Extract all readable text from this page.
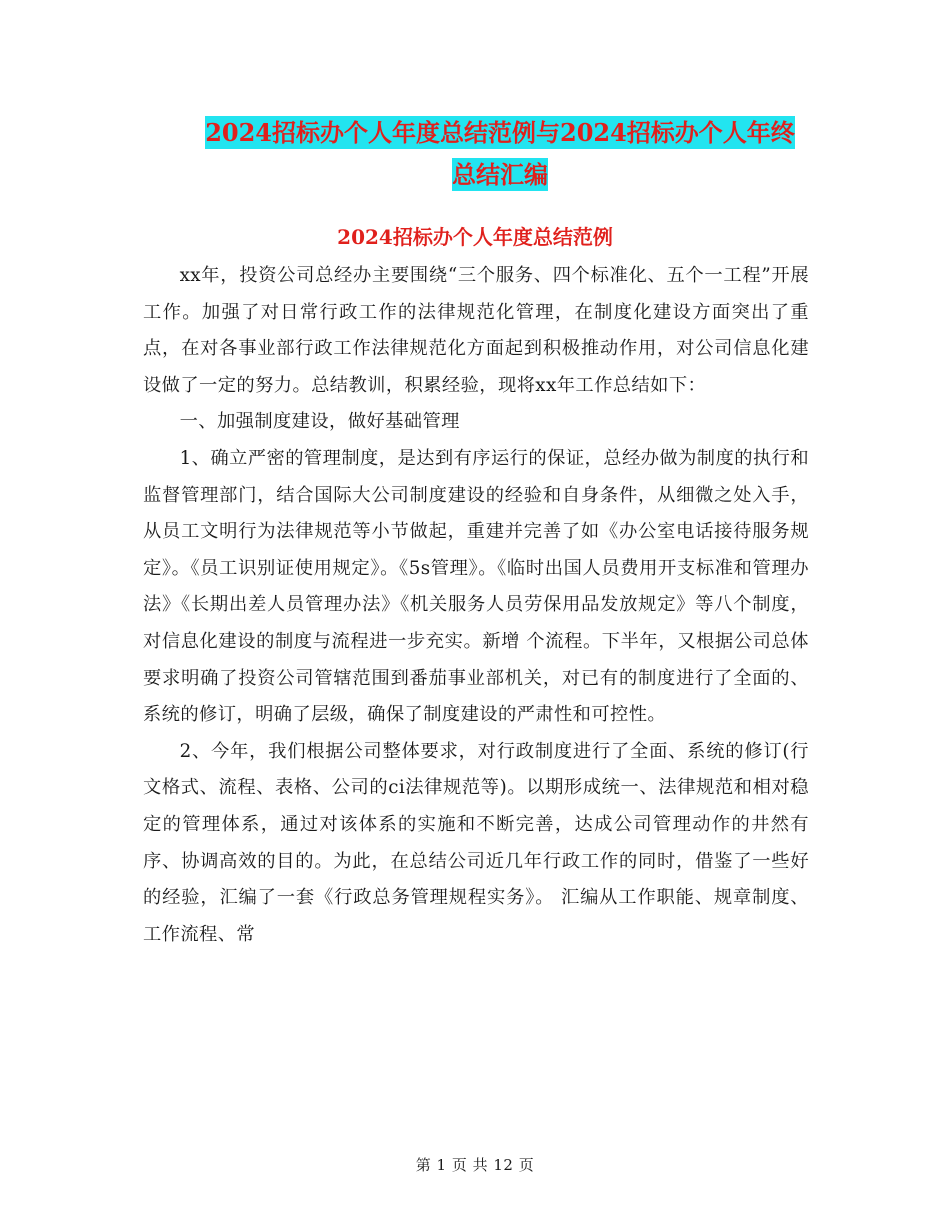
2024招标办个人年度总结范例与2024招标办个人年终
总结汇编
2024招标办个人年度总结范例

xx年，投资公司总经办主要围绕“三个服务、四个标准化、五个一工程”开展工作。加强了对日常行政工作的法律规范化管理，在制度化建设方面突出了重点，在对各事业部行政工作法律规范化方面起到积极推动作用，对公司信息化建设做了一定的努力。总结教训，积累经验，现将xx年工作总结如下：

一、加强制度建设，做好基础管理

1、确立严密的管理制度，是达到有序运行的保证，总经办做为制度的执行和监督管理部门，结合国际大公司制度建设的经验和自身条件，从细微之处入手，从员工文明行为法律规范等小节做起，重建并完善了如《办公室电话接待服务规定》。《员工识别证使用规定》。《5s管理》。《临时出国人员费用开支标准和管理办法》《长期出差人员管理办法》《机关服务人员劳保用品发放规定》等八个制度，对信息化建设的制度与流程进一步充实。新增 个流程。下半年，又根据公司总体要求明确了投资公司管辖范围到番茄事业部机关，对已有的制度进行了全面的、系统的修订，明确了层级，确保了制度建设的严肃性和可控性。

2、今年，我们根据公司整体要求，对行政制度进行了全面、系统的修订(行文格式、流程、表格、公司的ci法律规范等)。以期形成统一、法律规范和相对稳定的管理体系，通过对该体系的实施和不断完善，达成公司管理动作的井然有序、协调高效的目的。为此，在总结公司近几年行政工作的同时，借鉴了一些好的经验，汇编了一套《行政总务管理规程实务》。 汇编从工作职能、规章制度、工作流程、常

第 1 页 共 12 页
